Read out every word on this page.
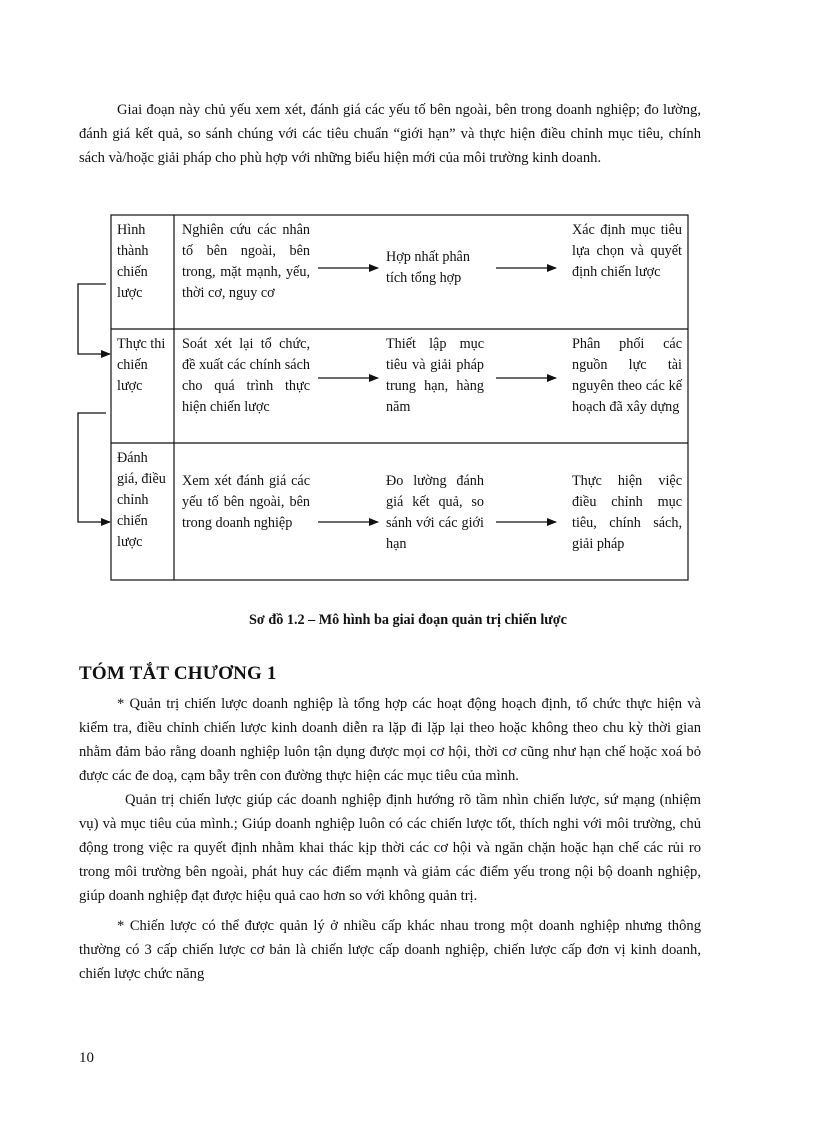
Giai đoạn này chủ yếu xem xét, đánh giá các yếu tố bên ngoài, bên trong doanh nghiệp; đo lường, đánh giá kết quả, so sánh chúng với các tiêu chuẩn “giới hạn” và thực hiện điều chỉnh mục tiêu, chính sách và/hoặc giải pháp cho phù hợp với những biểu hiện mới của môi trường kinh doanh.

Hình thành chiến lược

Nghiên cứu các nhân tố bên ngoài, bên trong, mặt mạnh, yếu, thời cơ, nguy cơ

Hợp nhất phân tích tổng hợp

Xác định mục tiêu lựa chọn và quyết định chiến lược

Thực thi chiến lược

Soát xét lại tổ chức, đề xuất các chính sách cho quá trình thực hiện chiến lược

Thiết lập mục tiêu và giải pháp trung hạn, hàng năm

Phân phối các nguồn lực tài nguyên theo các kế hoạch đã xây dựng

Đánh giá, điều chỉnh chiến lược

Xem xét đánh giá các yếu tố bên ngoài, bên trong doanh nghiệp

Đo lường đánh giá kết quả, so sánh với các giới hạn

Thực hiện việc điều chỉnh mục tiêu, chính sách, giải pháp

Sơ đồ 1.2 – Mô hình ba giai đoạn quản trị chiến lược
TÓM TẮT CHƯƠNG 1

* Quản trị chiến lược doanh nghiệp là tổng hợp các hoạt động hoạch định, tổ chức thực hiện và kiểm tra, điều chỉnh chiến lược kinh doanh diễn ra lặp đi lặp lại theo hoặc không theo chu kỳ thời gian nhằm đảm bảo rằng doanh nghiệp luôn tận dụng được mọi cơ hội, thời cơ cũng như hạn chế hoặc xoá bỏ được các đe doạ, cạm bẫy trên con đường thực hiện các mục tiêu của mình.

Quản trị chiến lược giúp các doanh nghiệp định hướng rõ tầm nhìn chiến lược, sứ mạng (nhiệm vụ) và mục tiêu của mình.; Giúp doanh nghiệp luôn có các chiến lược tốt, thích nghi với môi trường, chủ động trong việc ra quyết định nhằm khai thác kịp thời các cơ hội và ngăn chặn hoặc hạn chế các rủi ro trong môi trường bên ngoài, phát huy các điểm mạnh và giảm các điểm yếu trong nội bộ doanh nghiệp, giúp doanh nghiệp đạt được hiệu quả cao hơn so với không quản trị.

* Chiến lược có thể được quản lý ở nhiều cấp khác nhau trong một doanh nghiệp nhưng thông thường có 3 cấp chiến lược cơ bản là chiến lược cấp doanh nghiệp, chiến lược cấp đơn vị kinh doanh, chiến lược chức năng

10
